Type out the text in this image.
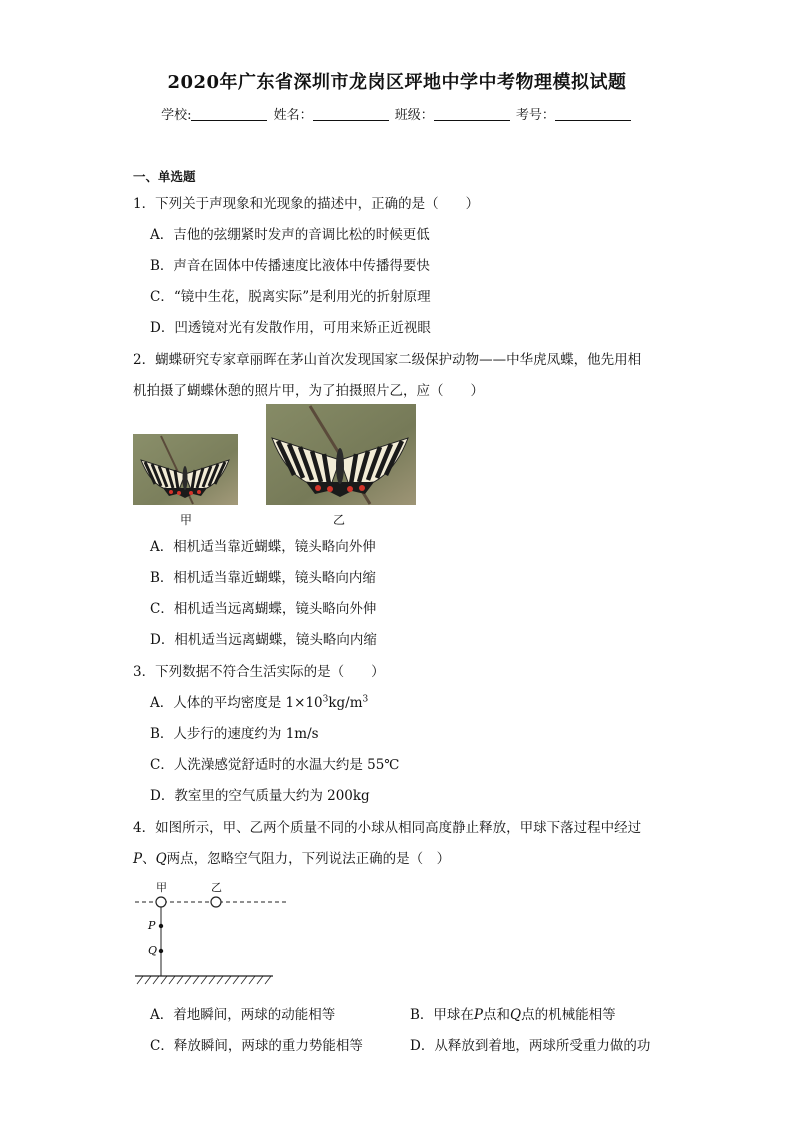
2020年广东省深圳市龙岗区坪地中学中考物理模拟试题
学校:	姓名：	班级：	考号：
一、单选题
1．下列关于声现象和光现象的描述中，正确的是（　　）
A．吉他的弦绷紧时发声的音调比松的时候更低
B．声音在固体中传播速度比液体中传播得要快
C．“镜中生花，脱离实际”是利用光的折射原理
D．凹透镜对光有发散作用，可用来矫正近视眼
2．蝴蝶研究专家章丽晖在茅山首次发现国家二级保护动物——中华虎凤蝶，他先用相
机拍摄了蝴蝶休憩的照片甲，为了拍摄照片乙，应（　　）
甲	乙
A．相机适当靠近蝴蝶，镜头略向外伸
B．相机适当靠近蝴蝶，镜头略向内缩
C．相机适当远离蝴蝶，镜头略向外伸
D．相机适当远离蝴蝶，镜头略向内缩
3．下列数据不符合生活实际的是（　　）
A．人体的平均密度是 $1\times 10^3kg/m^3$
B．人步行的速度约为 1m/s
C．人洗澡感觉舒适时的水温大约是 55℃
D．教室里的空气质量大约为 200kg
4．如图所示，甲、乙两个质量不同的小球从相同高度静止释放，甲球下落过程中经过
P、Q两点，忽略空气阻力，下列说法正确的是（　）
甲	乙
P
Q
A．着地瞬间，两球的动能相等	B．甲球在P点和Q点的机械能相等
C．释放瞬间，两球的重力势能相等	D．从释放到着地，两球所受重力做的功
